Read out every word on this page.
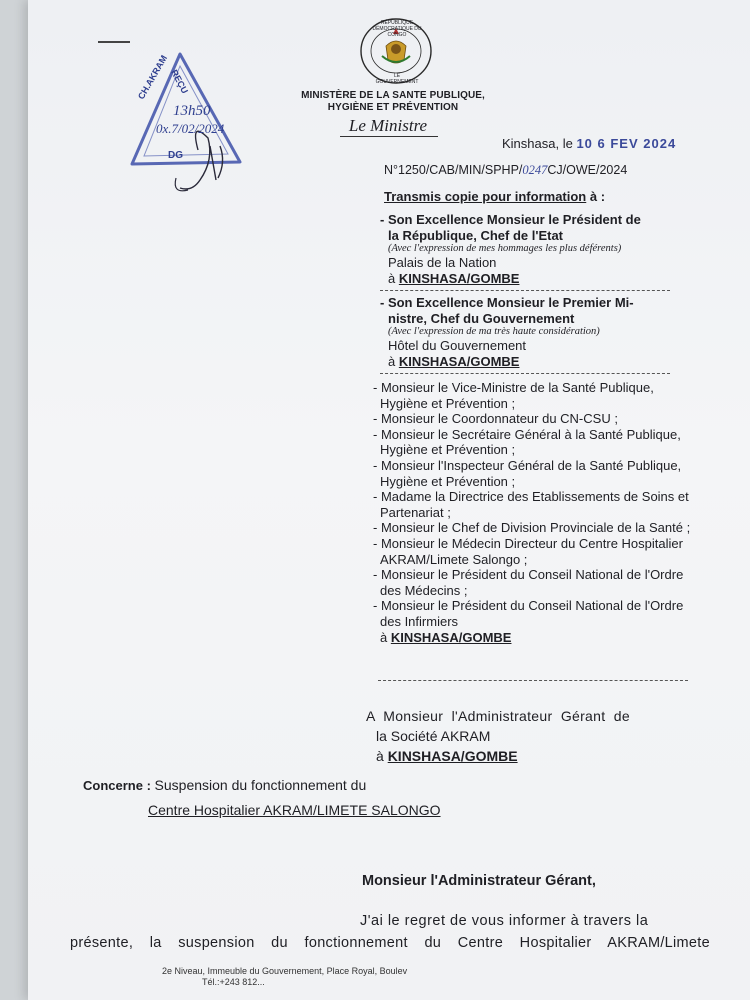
RÉPUBLIQUE DÉMOCRATIQUE DU CONGO
LE GOUVERNEMENT
MINISTÈRE DE LA SANTE PUBLIQUE,
HYGIÈNE ET PRÉVENTION
Le Ministre
CH.AKRAM REÇU
DG
13h50
0x.7/02/2024
Kinshasa, le 10 6 FEV 2024
N°1250/CAB/MIN/SPHP/0247CJ/OWE/2024
Transmis copie pour information à :
- Son Excellence Monsieur le Président de
la République, Chef de l'Etat
(Avec l'expression de mes hommages les plus déférents)
Palais de la Nation
à KINSHASA/GOMBE
- Son Excellence Monsieur le Premier Mi-
nistre, Chef du Gouvernement
(Avec l'expression de ma très haute considération)
Hôtel du Gouvernement
à KINSHASA/GOMBE
- Monsieur le Vice-Ministre de la Santé Publique, Hygiène et Prévention ;
- Monsieur le Coordonnateur du CN-CSU ;
- Monsieur le Secrétaire Général à la Santé Publique, Hygiène et Prévention ;
- Monsieur l'Inspecteur Général de la Santé Publique, Hygiène et Prévention ;
- Madame la Directrice des Etablissements de Soins et Partenariat ;
- Monsieur le Chef de Division Provinciale de la Santé ;
- Monsieur le Médecin Directeur du Centre Hospitalier AKRAM/Limete Salongo ;
- Monsieur le Président du Conseil National de l'Ordre des Médecins ;
- Monsieur le Président du Conseil National de l'Ordre des Infirmiers
à KINSHASA/GOMBE
A  Monsieur  l'Administrateur  Gérant  de
la Société AKRAM
à KINSHASA/GOMBE
Concerne : Suspension du fonctionnement du
Centre Hospitalier AKRAM/LIMETE SALONGO
Monsieur l'Administrateur Gérant,
J'ai le regret de vous informer à travers la
présente, la suspension du fonctionnement du Centre Hospitalier AKRAM/Limete
2e Niveau, Immeuble du Gouvernement, Place Royal, Boulev
Tél.:+243 812...
